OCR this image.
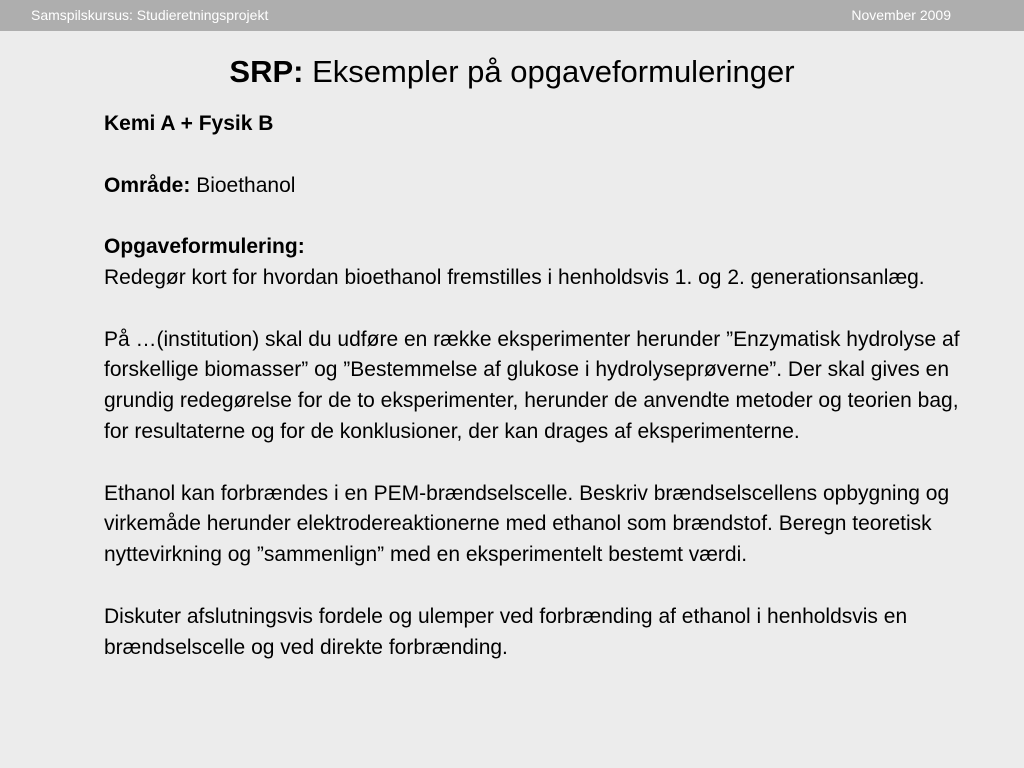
Samspilskursus: Studieretningsprojekt	November 2009
SRP: Eksempler på opgaveformuleringer

Kemi A + Fysik B

Område: Bioethanol

Opgaveformulering:
Redegør kort for hvordan bioethanol fremstilles i henholdsvis 1. og 2. generationsanlæg.

På …(institution) skal du udføre en række eksperimenter herunder ”Enzymatisk hydrolyse af forskellige biomasser” og ”Bestemmelse af glukose i hydrolyseprøverne”. Der skal gives en grundig redegørelse for de to eksperimenter, herunder de anvendte metoder og teorien bag, for resultaterne og for de konklusioner, der kan drages af eksperimenterne.

Ethanol kan forbrændes i en PEM-brændselscelle. Beskriv brændselscellens opbygning og virkemåde herunder elektrodereaktionerne med ethanol som brændstof. Beregn teoretisk nyttevirkning og ”sammenlign” med en eksperimentelt bestemt værdi.

Diskuter afslutningsvis fordele og ulemper ved forbrænding af ethanol i henholdsvis en brændselscelle og ved direkte forbrænding.
